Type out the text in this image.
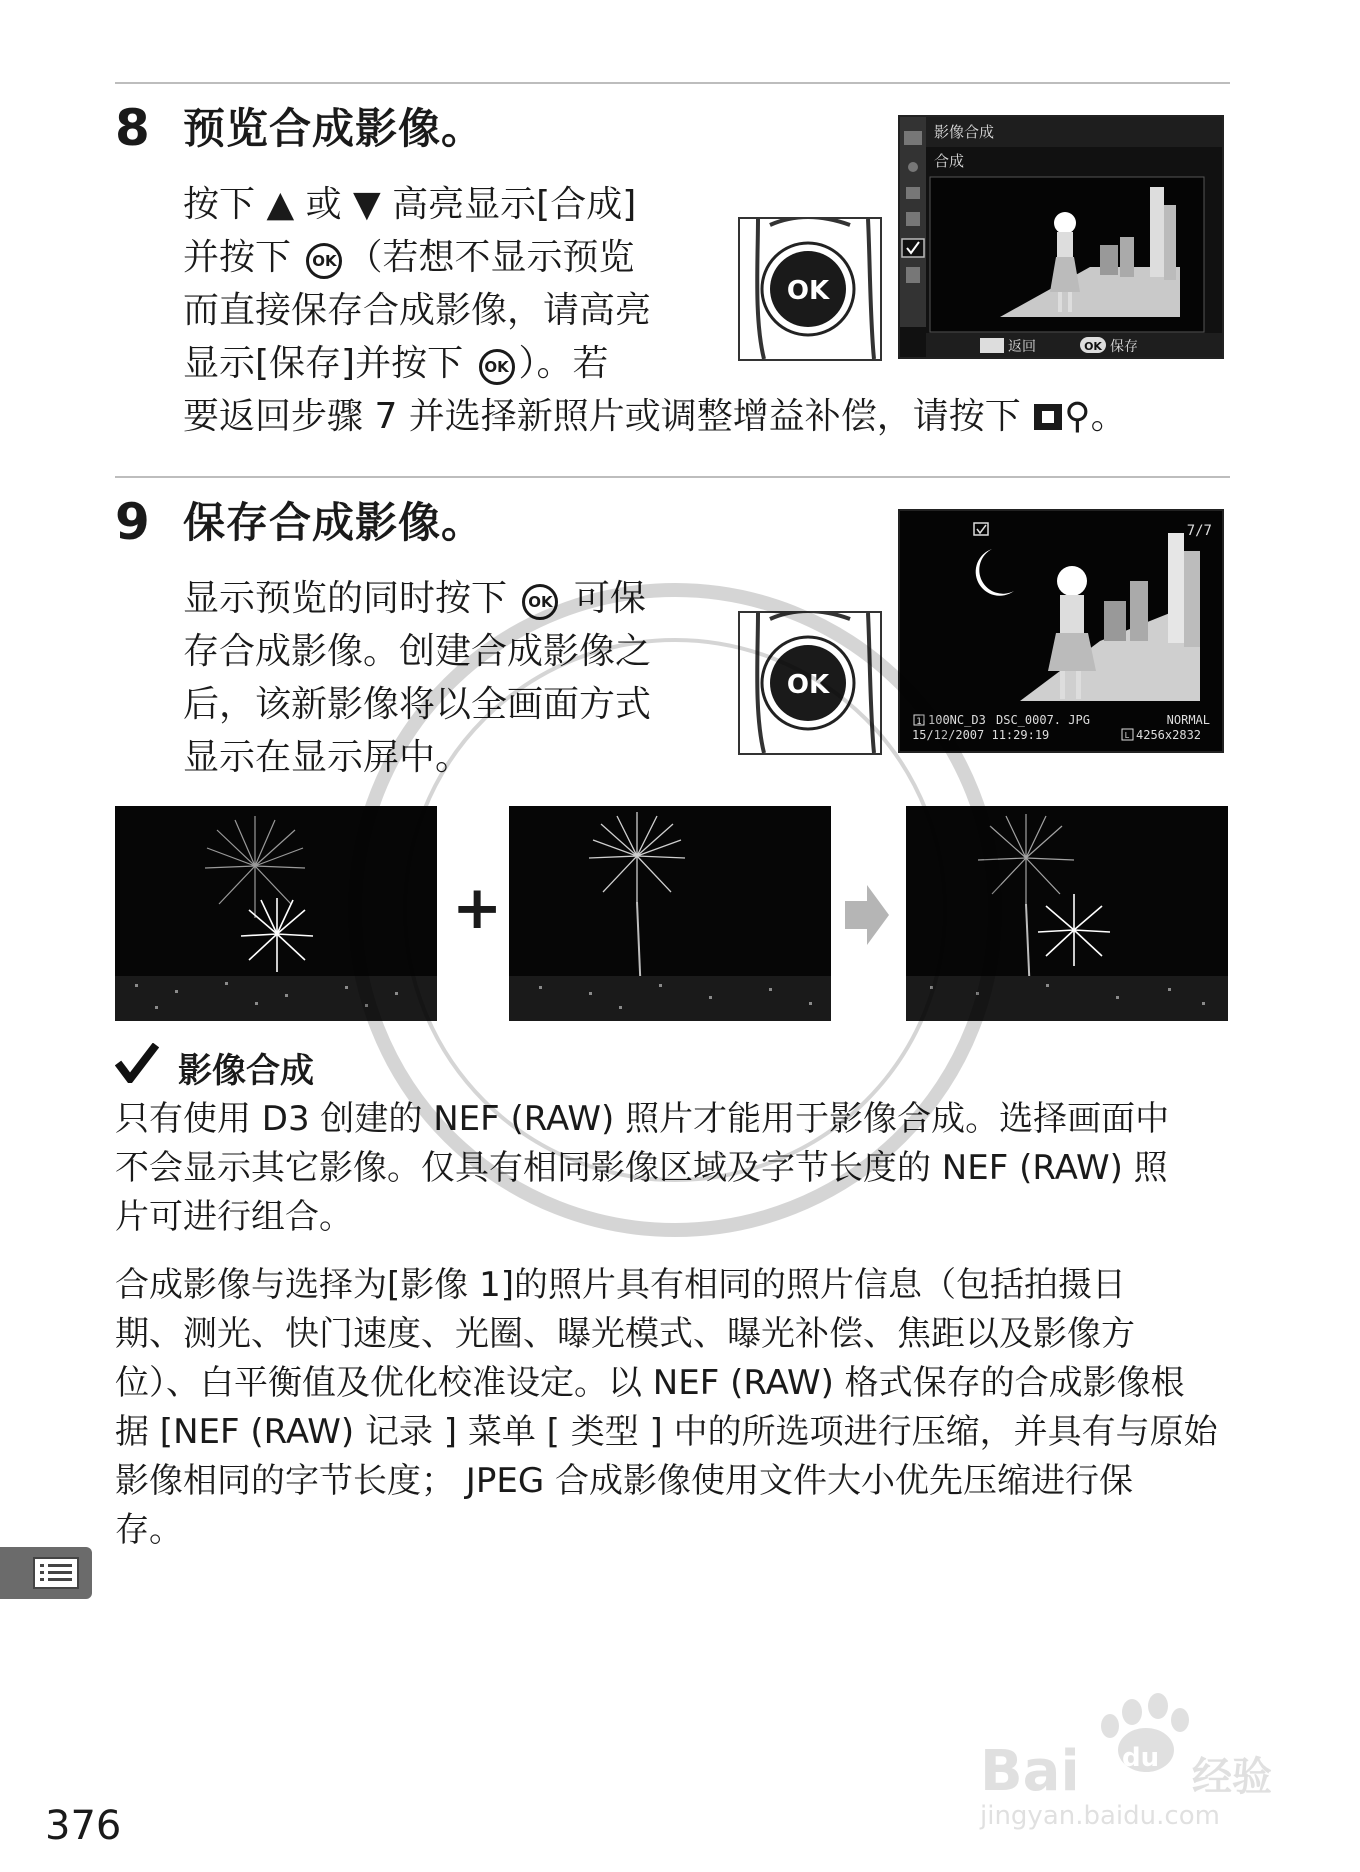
8 预览合成影像。
按下 ▲ 或 ▼ 高亮显示[合成]
并按下 OK （若想不显示预览
而直接保存合成影像，请高亮
显示[保存]并按下 OK ）。若
要返回步骤 7 并选择新照片或调整增益补偿，请按下 ⚲。
OK
影像合成
合成
返回	OK 保存
9 保存合成影像。
显示预览的同时按下 OK 可保
存合成影像。创建合成影像之
后，该新影像将以全画面方式
显示在显示屏中。
OK
7/7
1 100NC_D3 DSC_0007. JPG	NORMAL
15/12/2007 11:29:19	L 4256x2832
+
影像合成
只有使用 D3 创建的 NEF (RAW) 照片才能用于影像合成。选择画面中
不会显示其它影像。仅具有相同影像区域及字节长度的 NEF (RAW) 照
片可进行组合。
合成影像与选择为[影像 1]的照片具有相同的照片信息（包括拍摄日
期、测光、快门速度、光圈、曝光模式、曝光补偿、焦距以及影像方
位）、白平衡值及优化校准设定。以 NEF (RAW) 格式保存的合成影像根
据 [NEF (RAW) 记录 ] 菜单 [ 类型 ] 中的所选项进行压缩，并具有与原始
影像相同的字节长度； JPEG 合成影像使用文件大小优先压缩进行保
存。
Bai du 经验
jingyan.baidu.com
376
